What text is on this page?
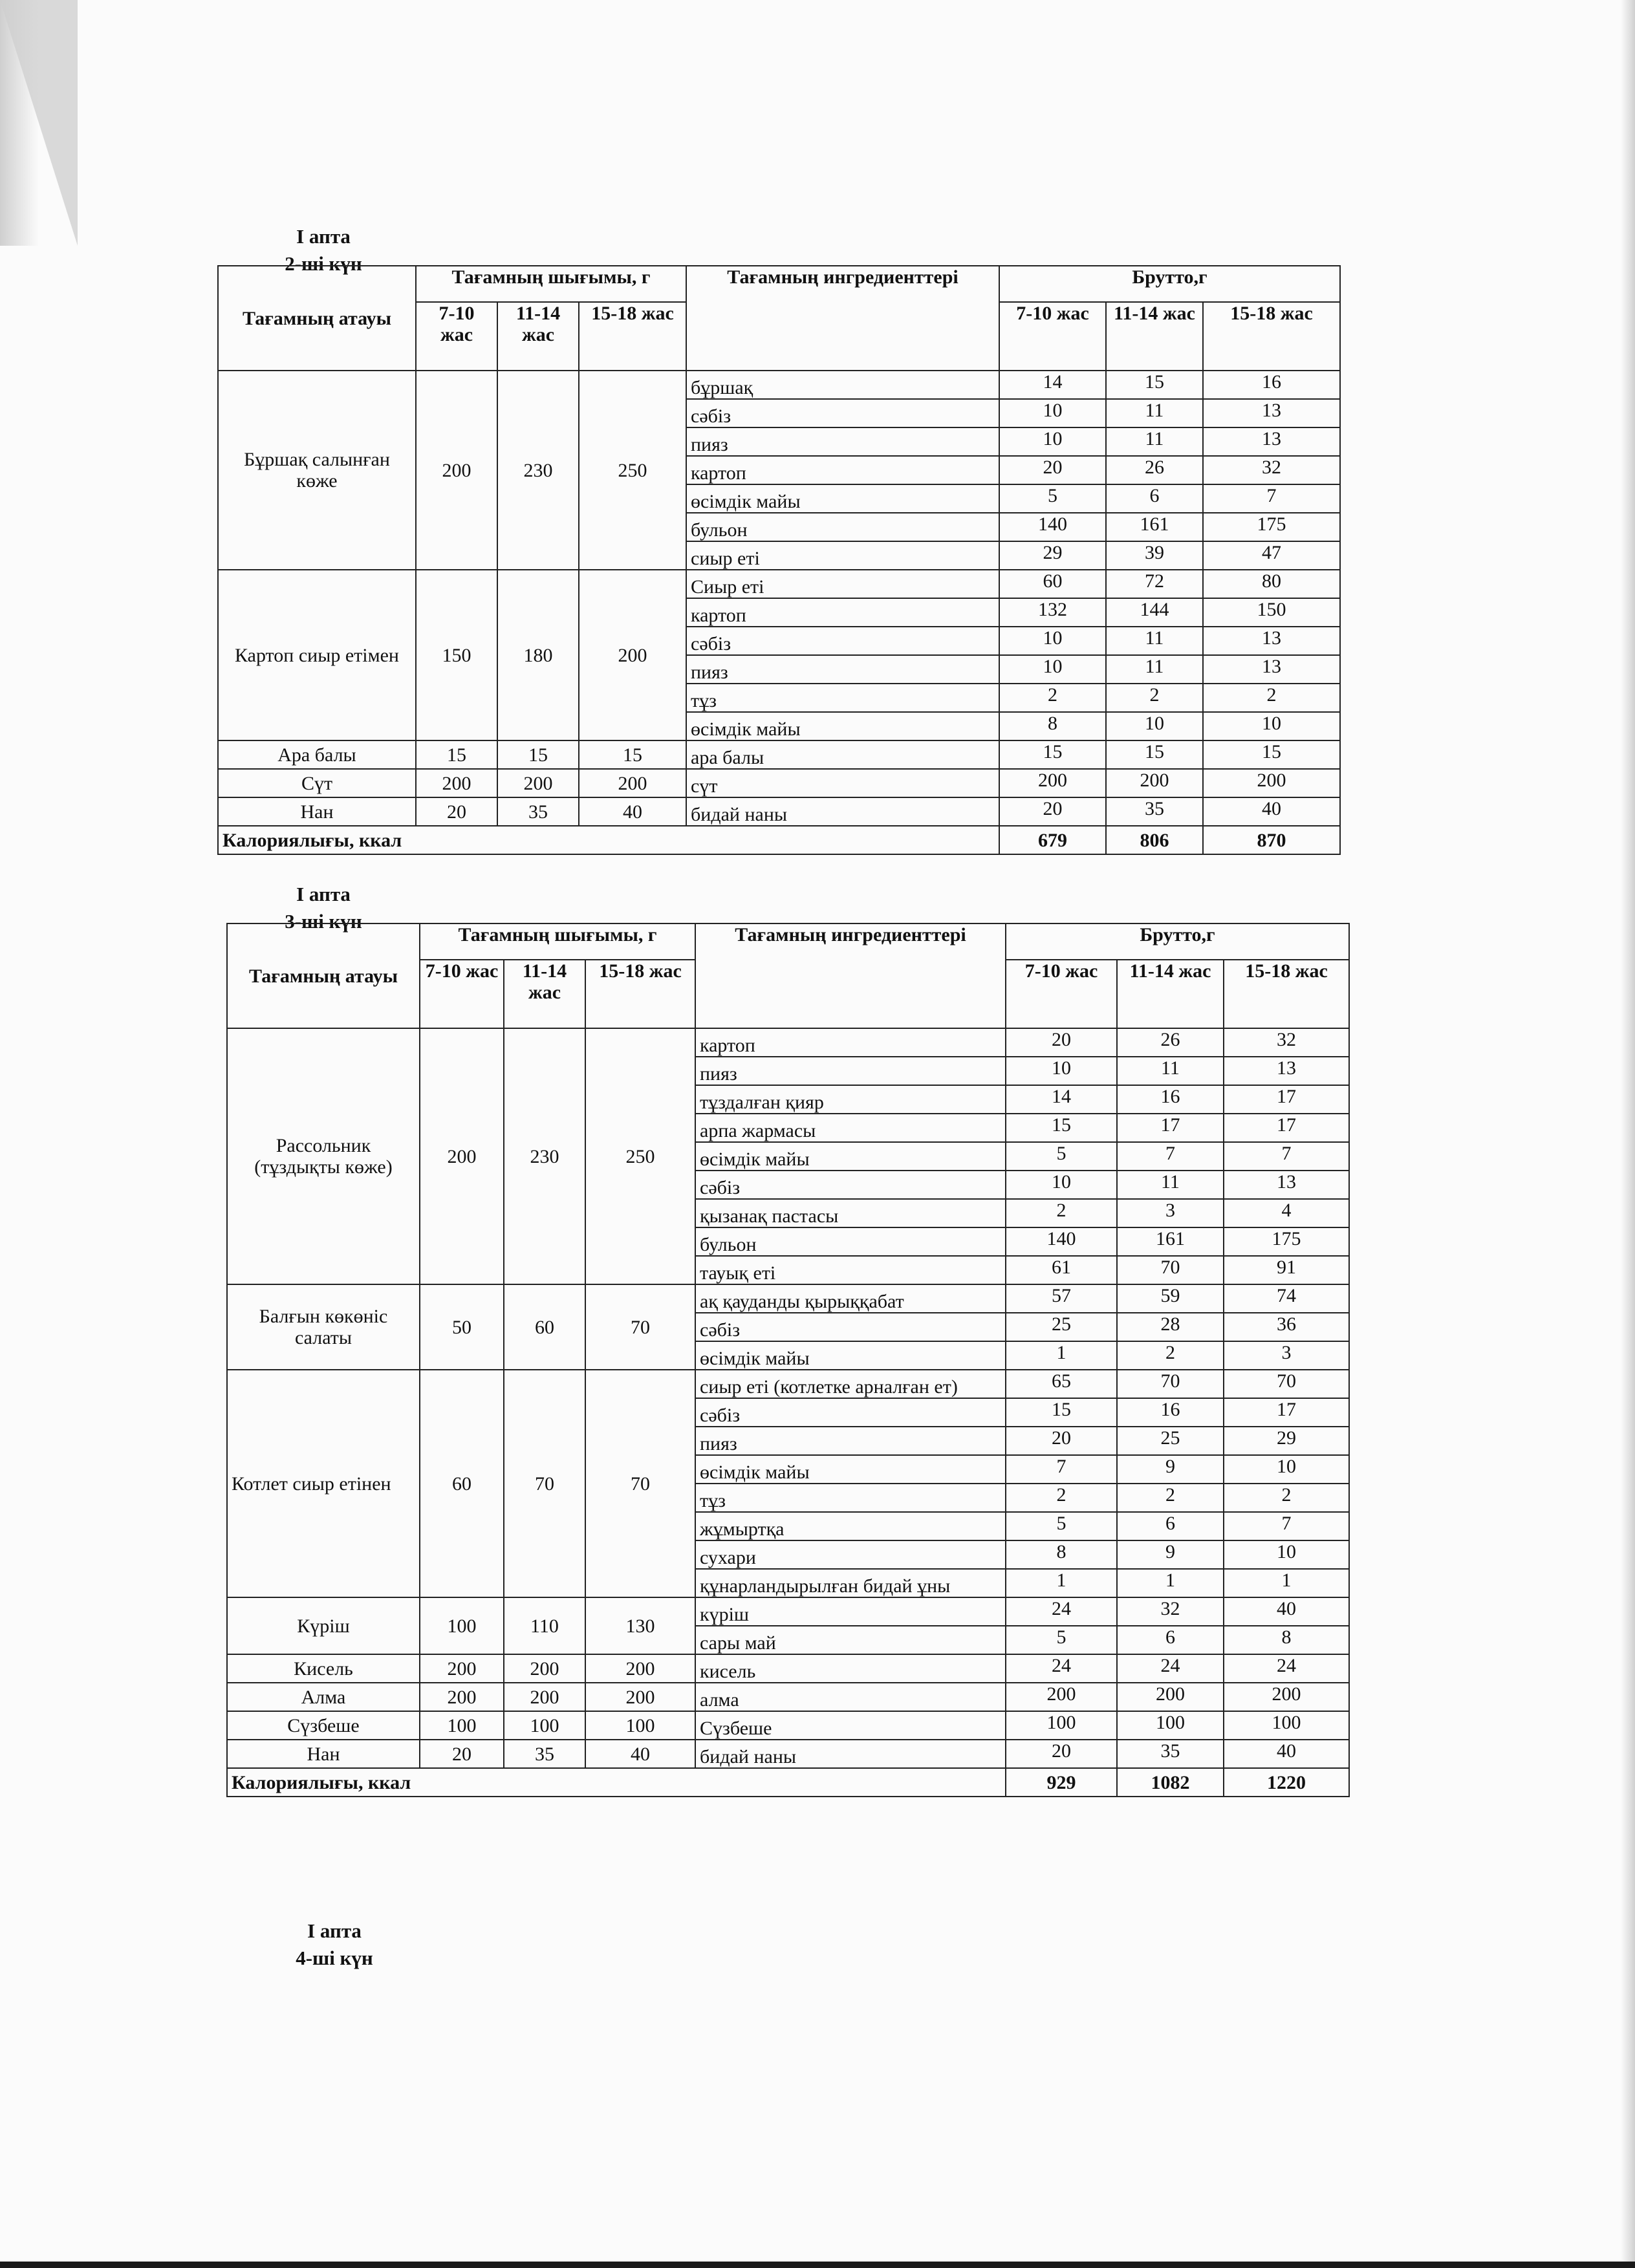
І апта
2-ші күн
Тағамның атауы	Тағамның шығымы, г			Тағамның ингредиенттері	Брутто,г		
	7-10 жас	11-14 жас	15-18 жас		7-10 жас	11-14 жас	15-18 жас
Бұршақ салынған көже	200	230	250	бұршақ	14	15	16
				сәбіз	10	11	13
				пияз	10	11	13
				картоп	20	26	32
				өсімдік майы	5	6	7
				бульон	140	161	175
				сиыр еті	29	39	47
Картоп сиыр етімен	150	180	200	Сиыр еті	60	72	80
				картоп	132	144	150
				сәбіз	10	11	13
				пияз	10	11	13
				тұз	2	2	2
				өсімдік майы	8	10	10
Ара балы	15	15	15	ара балы	15	15	15
Сүт	200	200	200	сүт	200	200	200
Нан	20	35	40	бидай наны	20	35	40
Калориялығы, ккал					679	806	870
І апта
3-ші күн
Тағамның атауы	Тағамның шығымы, г			Тағамның ингредиенттері	Брутто,г		
	7-10 жас	11-14 жас	15-18 жас		7-10 жас	11-14 жас	15-18 жас
Рассольник (тұздықты көже)	200	230	250	картоп	20	26	32
				пияз	10	11	13
				тұздалған қияр	14	16	17
				арпа жармасы	15	17	17
				өсімдік майы	5	7	7
				сәбіз	10	11	13
				қызанақ пастасы	2	3	4
				бульон	140	161	175
				тауық еті	61	70	91
Балғын көкөніс салаты	50	60	70	ақ қауданды қырыққабат	57	59	74
				сәбіз	25	28	36
				өсімдік майы	1	2	3
Котлет сиыр етінен	60	70	70	сиыр еті (котлетке арналған ет)	65	70	70
				сәбіз	15	16	17
				пияз	20	25	29
				өсімдік майы	7	9	10
				тұз	2	2	2
				жұмыртқа	5	6	7
				сухари	8	9	10
				құнарландырылған бидай ұны	1	1	1
Күріш	100	110	130	күріш	24	32	40
				сары май	5	6	8
Кисель	200	200	200	кисель	24	24	24
Алма	200	200	200	алма	200	200	200
Сүзбеше	100	100	100	Сүзбеше	100	100	100
Нан	20	35	40	бидай наны	20	35	40
Калориялығы, ккал					929	1082	1220
І апта
4-ші күн
